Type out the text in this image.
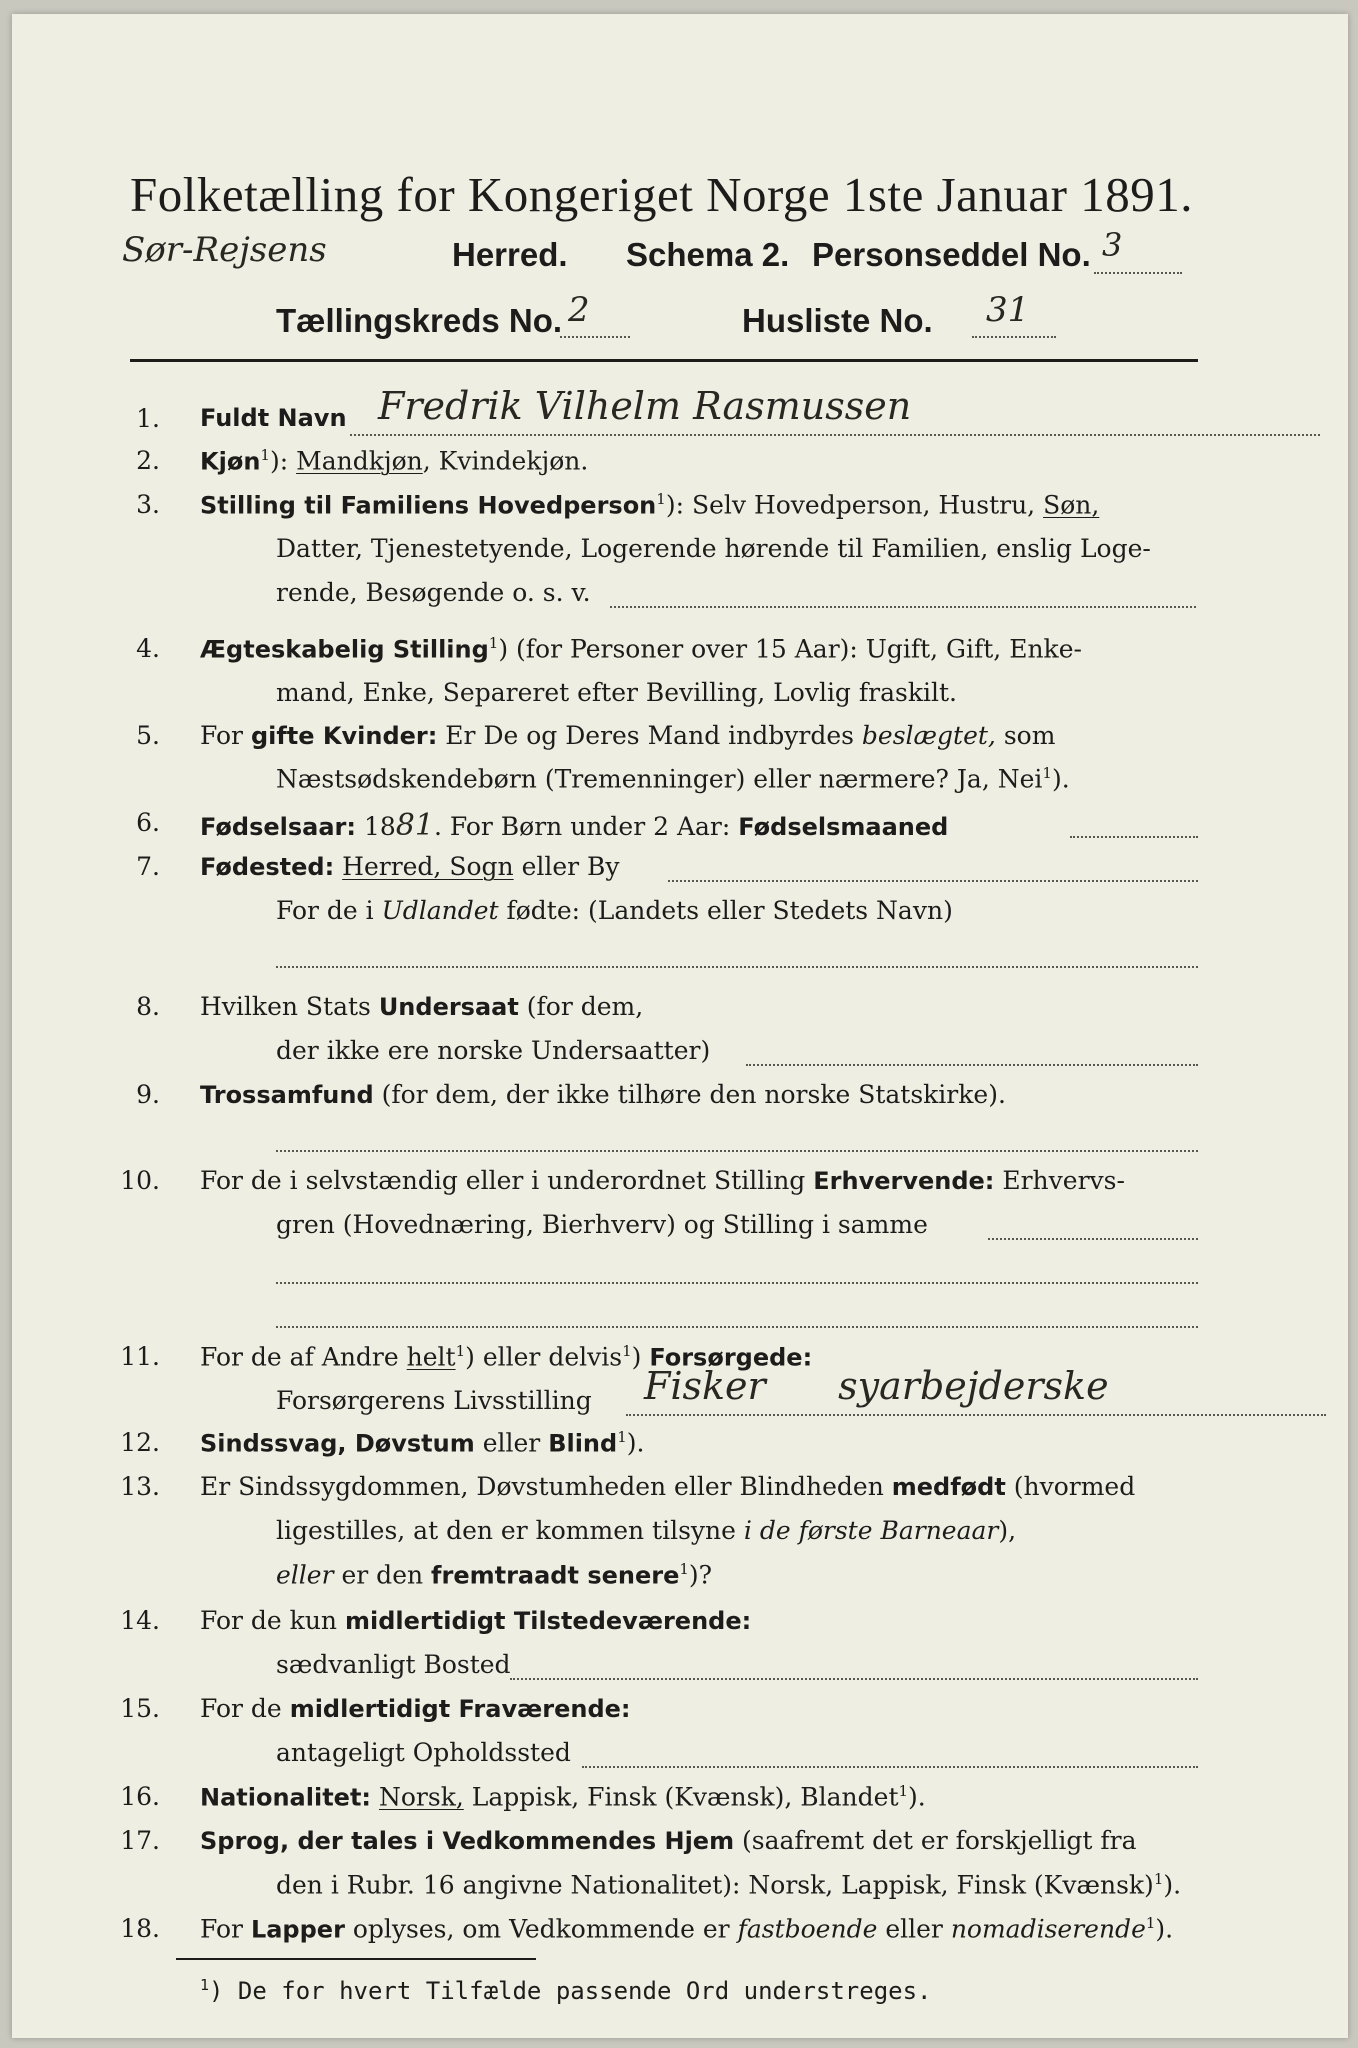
Folketælling for Kongeriget Norge 1ste Januar 1891.
Sør-Rejsens	Herred. Schema 2. Personseddel No. 3
Tællingskreds No. 2	Husliste No. 31
1. Fuldt Navn Fredrik Vilhelm Rasmussen
2. Kjøn$^1$): Mandkjøn, Kvindekjøn.
3. Stilling til Familiens Hovedperson$^1$): Selv Hovedperson, Hustru, Søn,
Datter, Tjenestetyende, Logerende hørende til Familien, enslig Loge-
rende, Besøgende o. s. v.
4. Ægteskabelig Stilling$^1$) (for Personer over 15 Aar): Ugift, Gift, Enke-
mand, Enke, Separeret efter Bevilling, Lovlig fraskilt.
5. For gifte Kvinder: Er De og Deres Mand indbyrdes beslægtet, som
Næstsødskendebørn (Tremenninger) eller nærmere? Ja, Nei$^1$).
6. Fødselsaar: 1881. For Børn under 2 Aar: Fødselsmaaned
7. Fødested: Herred, Sogn eller By
For de i Udlandet fødte: (Landets eller Stedets Navn)
8. Hvilken Stats Undersaat (for dem,
der ikke ere norske Undersaatter)
9. Trossamfund (for dem, der ikke tilhøre den norske Statskirke).
10. For de i selvstændig eller i underordnet Stilling Erhvervende: Erhvervs-
gren (Hovednæring, Bierhverv) og Stilling i samme
11. For de af Andre helt$^1$) eller delvis$^1$) Forsørgede:
Forsørgerens Livsstilling Fisker      syarbejderske
12. Sindssvag, Døvstum eller Blind$^1$).
13. Er Sindssygdommen, Døvstumheden eller Blindheden medfødt (hvormed
ligestilles, at den er kommen tilsyne i de første Barneaar),
eller er den fremtraadt senere$^1$)?
14. For de kun midlertidigt Tilstedeværende:
sædvanligt Bosted
15. For de midlertidigt Fraværende:
antageligt Opholdssted
16. Nationalitet: Norsk, Lappisk, Finsk (Kvænsk), Blandet$^1$).
17. Sprog, der tales i Vedkommendes Hjem (saafremt det er forskjelligt fra
den i Rubr. 16 angivne Nationalitet): Norsk, Lappisk, Finsk (Kvænsk)$^1$).
18. For Lapper oplyses, om Vedkommende er fastboende eller nomadiserende$^1$).
$^1$) De for hvert Tilfælde passende Ord understreges.
